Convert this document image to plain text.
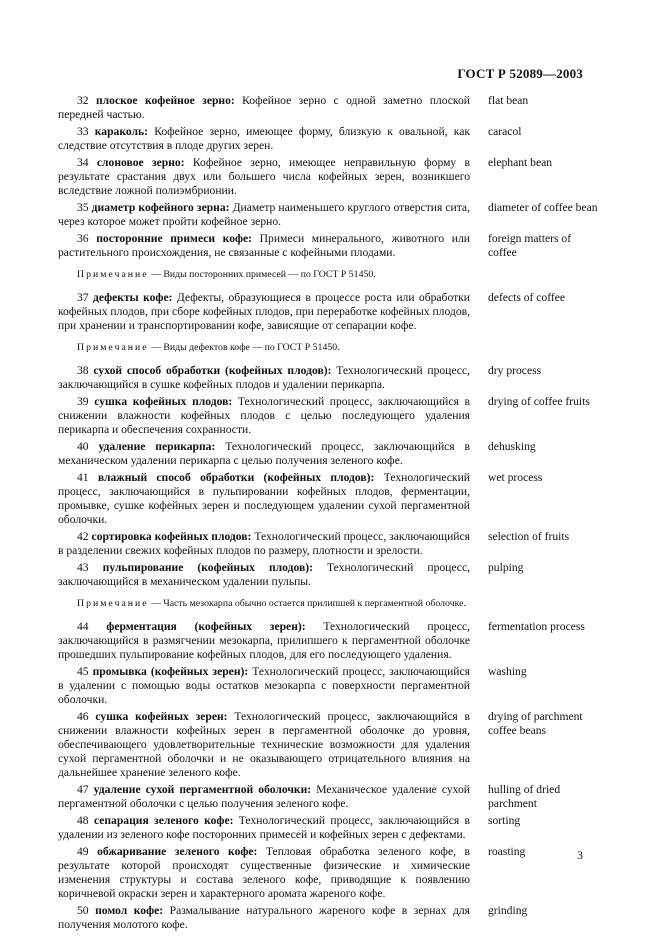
ГОСТ Р 52089—2003

32 плоское кофейное зерно: Кофейное зерно с одной заметно плоской передней частью.

flat bean

33 караколь: Кофейное зерно, имеющее форму, близкую к овальной, как следствие отсутствия в плоде других зерен.

caracol

34 слоновое зерно: Кофейное зерно, имеющее неправильную форму в результате срастания двух или большего числа кофейных зерен, возникшего вследствие ложной полиэмбрионии.

elephant bean

35 диаметр кофейного зерна: Диаметр наименьшего круглого отверстия сита, через которое может пройти кофейное зерно.

diameter of coffee bean

36 посторонние примеси кофе: Примеси минерального, животного или растительного происхождения, не связанные с кофейными плодами.

foreign matters of coffee

Примечание — Виды посторонних примесей — по ГОСТ Р 51450.

37 дефекты кофе: Дефекты, образующиеся в процессе роста или обработки кофейных плодов, при сборе кофейных плодов, при переработке кофейных плодов, при хранении и транспортировании кофе, зависящие от сепарации кофе.

defects of coffee

Примечание — Виды дефектов кофе — по ГОСТ Р 51450.

38 сухой способ обработки (кофейных плодов): Технологический процесс, заключающийся в сушке кофейных плодов и удалении перикарпа.

dry process

39 сушка кофейных плодов: Технологический процесс, заключающийся в снижении влажности кофейных плодов с целью последующего удаления перикарпа и обеспечения сохранности.

drying of coffee fruits

40 удаление перикарпа: Технологический процесс, заключающийся в механическом удалении перикарпа с целью получения зеленого кофе.

dehusking

41 влажный способ обработки (кофейных плодов): Технологический процесс, заключающийся в пульпировании кофейных плодов, ферментации, промывке, сушке кофейных зерен и последующем удалении сухой пергаментной оболочки.

wet process

42 сортировка кофейных плодов: Технологический процесс, заключающийся в разделении свежих кофейных плодов по размеру, плотности и зрелости.

selection of fruits

43 пульпирование (кофейных плодов): Технологический процесс, заключающийся в механическом удалении пульпы.

pulping

Примечание — Часть мезокарпа обычно остается прилипшей к пергаментной оболочке.

44 ферментация (кофейных зерен): Технологический процесс, заключающийся в размягчении мезокарпа, прилипшего к пергаментной оболочке прошедших пульпирование кофейных плодов, для его последующего удаления.

fermentation process

45 промывка (кофейных зерен): Технологический процесс, заключающийся в удалении с помощью воды остатков мезокарпа с поверхности пергаментной оболочки.

washing

46 сушка кофейных зерен: Технологический процесс, заключающийся в снижении влажности кофейных зерен в пергаментной оболочке до уровня, обеспечивающего удовлетворительные технические возможности для удаления сухой пергаментной оболочки и не оказывающего отрицательного влияния на дальнейшее хранение зеленого кофе.

drying of parchment coffee beans

47 удаление сухой пергаментной оболочки: Механическое удаление сухой пергаментной оболочки с целью получения зеленого кофе.

hulling of dried parchment

48 сепарация зеленого кофе: Технологический процесс, заключающийся в удалении из зеленого кофе посторонних примесей и кофейных зерен с дефектами.

sorting

49 обжаривание зеленого кофе: Тепловая обработка зеленого кофе, в результате которой происходят существенные физические и химические изменения структуры и состава зеленого кофе, приводящие к появлению коричневой окраски зерен и характерного аромата жареного кофе.

roasting

50 помол кофе: Размалывание натурального жареного кофе в зернах для получения молотого кофе.

grinding

3
